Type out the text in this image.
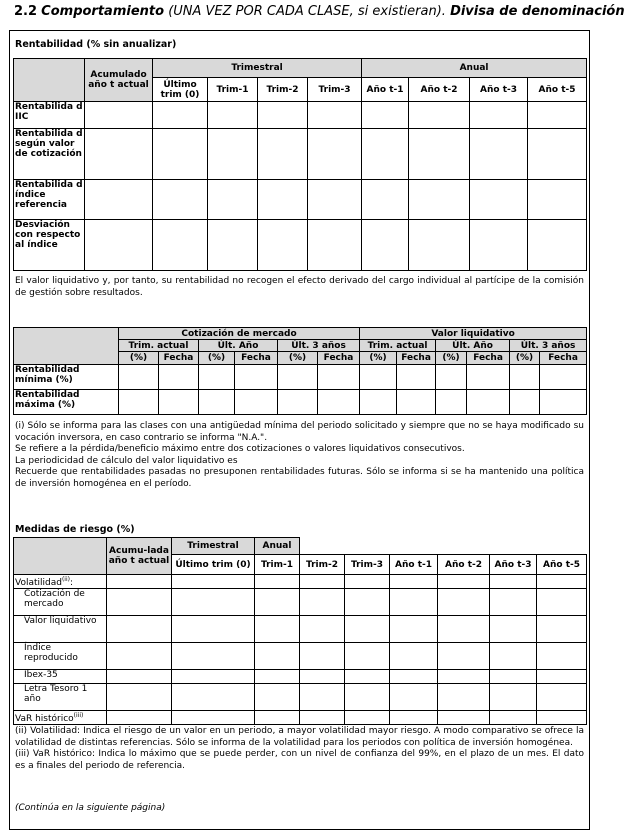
2.2 Comportamiento (UNA VEZ POR CADA CLASE, si existieran). Divisa de denominación
Rentabilidad (% sin anualizar)
	Acumulado año t actual	Trimestral				Anual			
		Último trim (0)	Trim-1	Trim-2	Trim-3	Año t-1	Año t-2	Año t-3	Año t-5
Rentabilida d IIC									
Rentabilida d según valor de cotización									
Rentabilida d índice referencia									
Desviación con respecto al índice									
El valor liquidativo y, por tanto, su rentabilidad no recogen el efecto derivado del cargo individual al partícipe de la comisión de gestión sobre resultados.
	Cotización de mercado						Valor liquidativo					
	Trim. actual		Últ. Año		Últ. 3 años		Trim. actual		Últ. Año		Últ. 3 años	
	(%)	Fecha	(%)	Fecha	(%)	Fecha	(%)	Fecha	(%)	Fecha	(%)	Fecha
Rentabilidad mínima (%)												
Rentabilidad máxima (%)												

(i) Sólo se informa para las clases con una antigüedad mínima del periodo solicitado y siempre que no se haya modificado su vocación inversora, en caso contrario se informa "N.A.".

Se refiere a la pérdida/beneficio máximo entre dos cotizaciones o valores liquidativos consecutivos.

La periodicidad de cálculo del valor liquidativo es

Recuerde que rentabilidades pasadas no presuponen rentabilidades futuras. Sólo se informa si se ha mantenido una política de inversión homogénea en el período.

Medidas de riesgo (%)
	Acumu-lada año t actual	Trimestral	Anual						
		Último trim (0)	Trim-1	Trim-2	Trim-3	Año t-1	Año t-2	Año t-3	Año t-5
Volatilidad$^{(ii)}$:									
Cotización de mercado									
Valor liquidativo									
Índice reproducido									
Ibex-35									
Letra Tesoro 1 año									
VaR histórico$^{(iii)}$									

(ii) Volatilidad: Indica el riesgo de un valor en un periodo, a mayor volatilidad mayor riesgo. A modo comparativo se ofrece la volatilidad de distintas referencias. Sólo se informa de la volatilidad para los periodos con política de inversión homogénea.

(iii) VaR histórico: Indica lo máximo que se puede perder, con un nivel de confianza del 99%, en el plazo de un mes. El dato es a finales del periodo de referencia.

(Continúa en la siguiente página)
